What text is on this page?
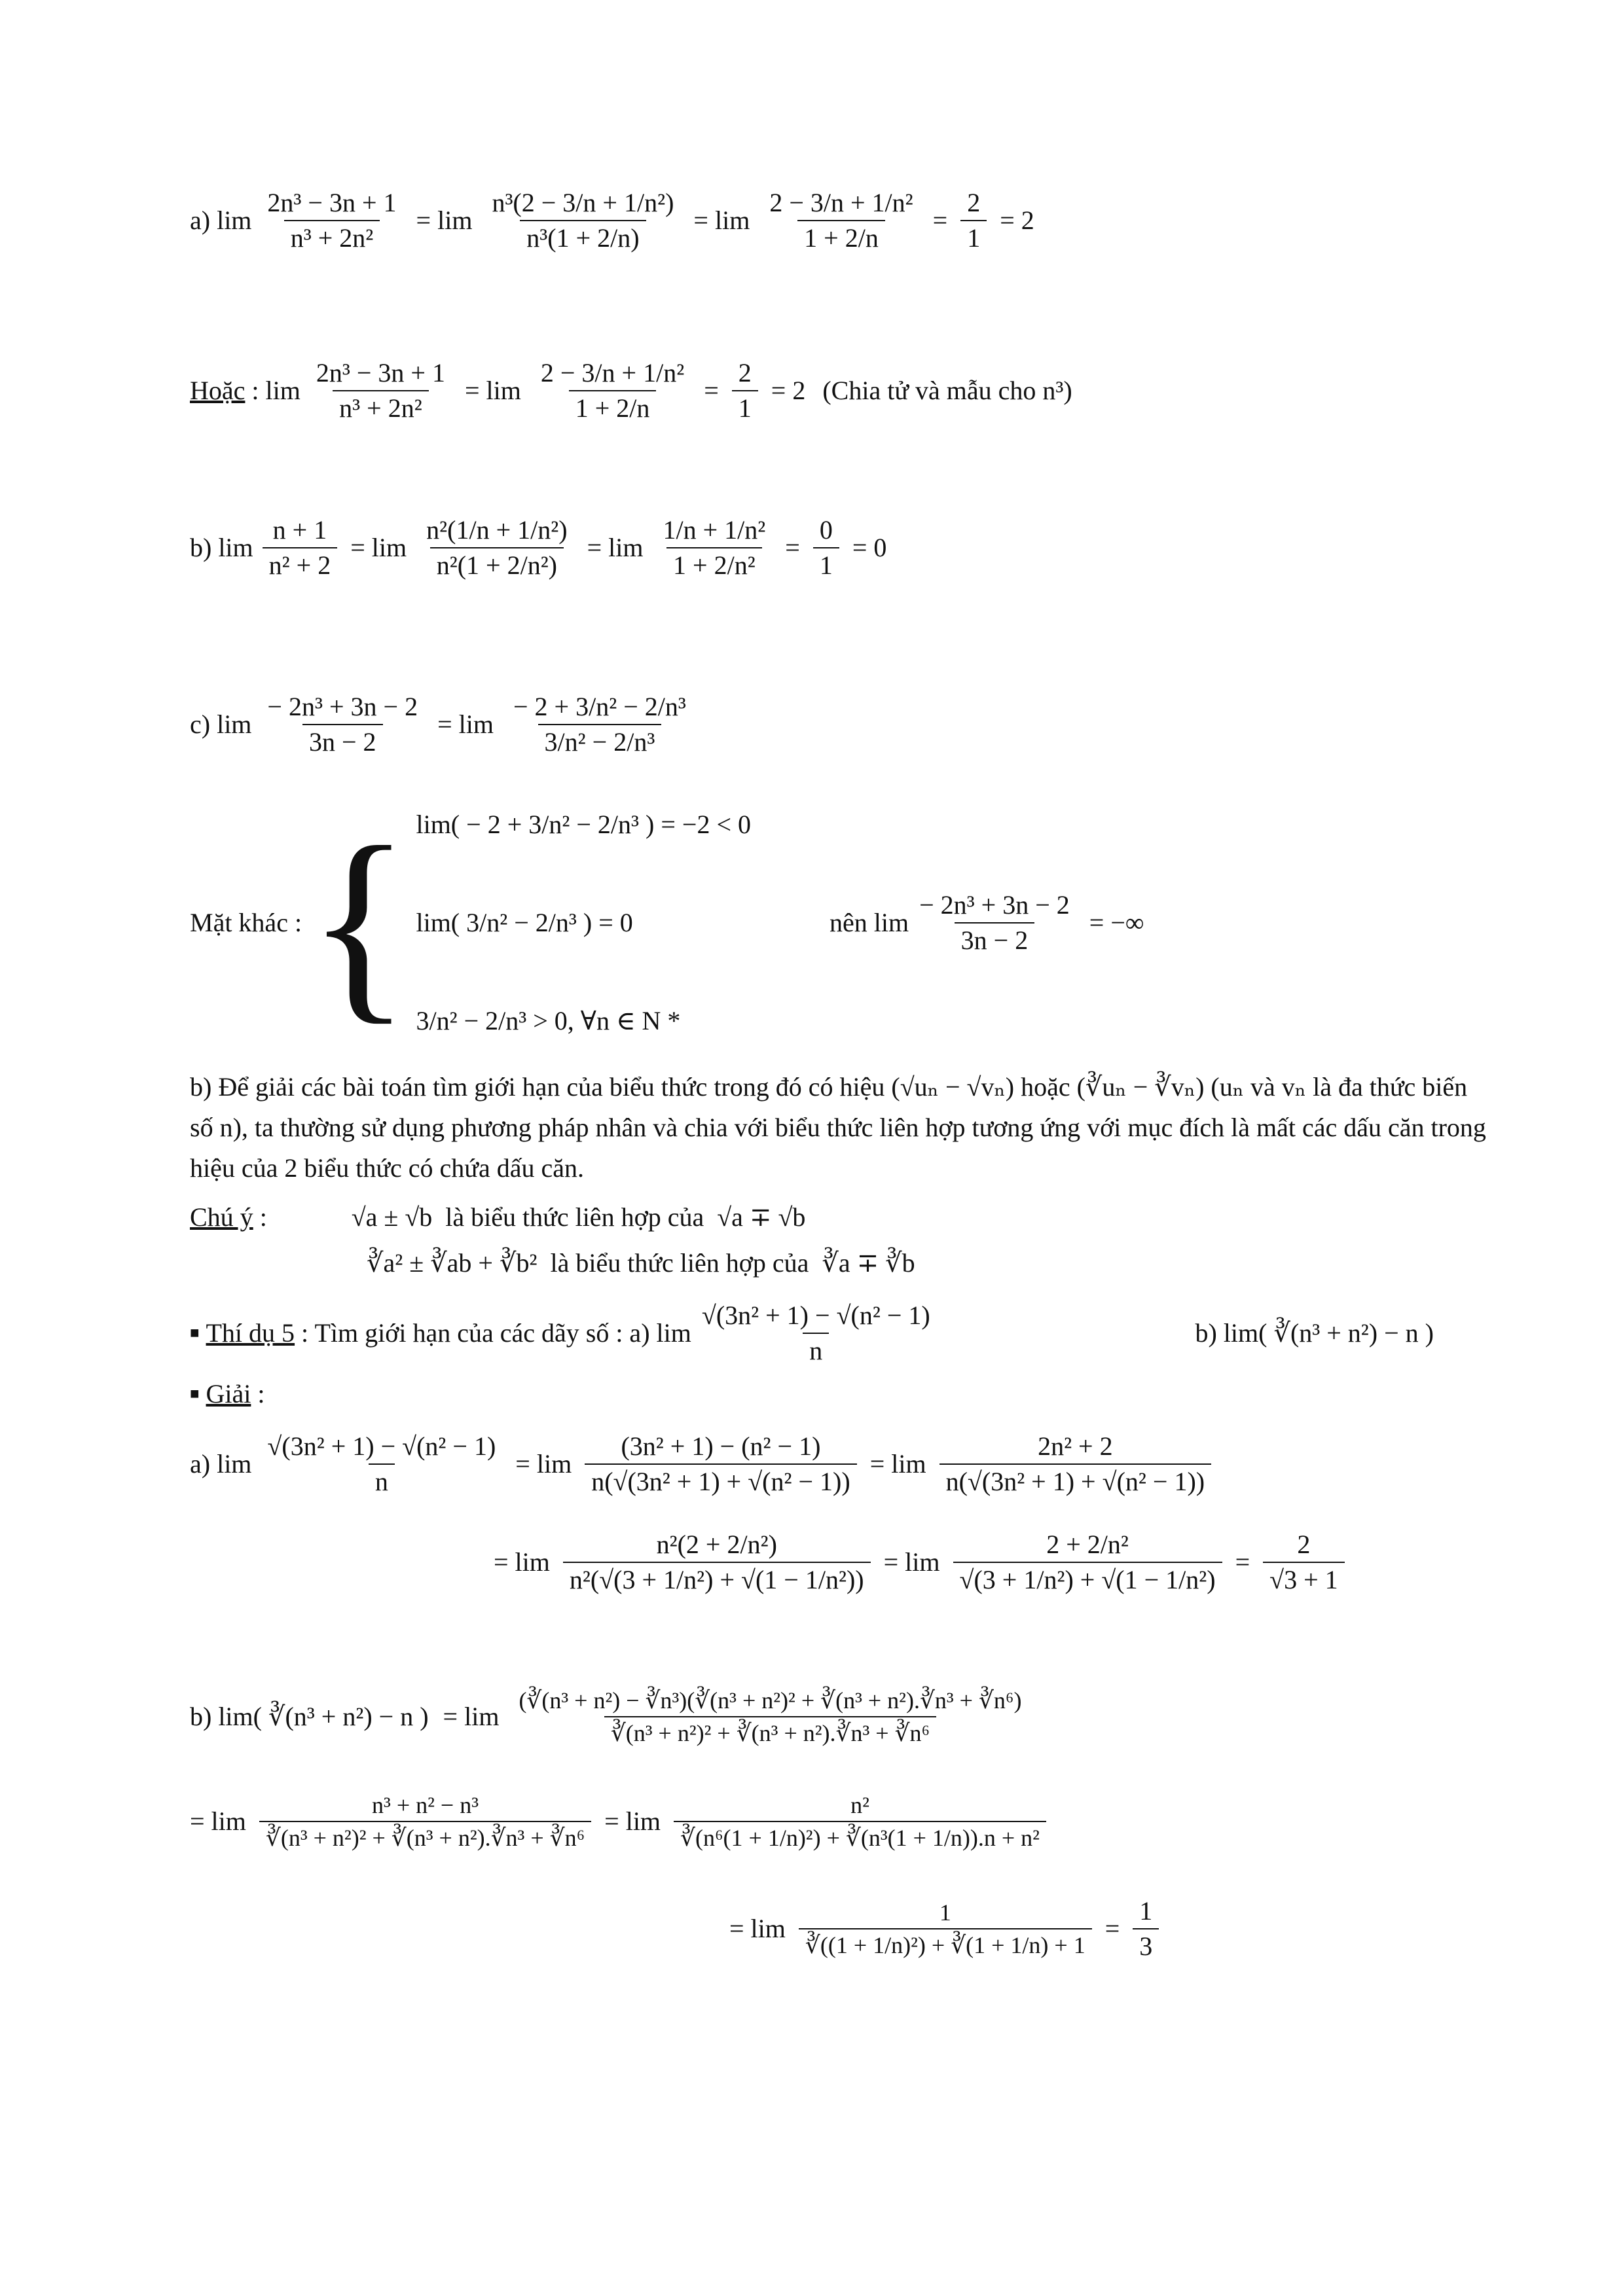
a) $\lim \frac{\text{2n³ − 3n + 1}}{\text{n³ + 2n²}} = \lim \frac{\text{n³(2 − 3/n + 1/n²)}}{\text{n³(1 + 2/n)}} = \lim \frac{\text{2 − 3/n + 1/n²}}{1 + 2/n} = \frac{2}{1} = 2$
Hoặc : $\lim \frac{\text{2n³ − 3n + 1}}{\text{n³ + 2n²}} = \lim \frac{\text{2 − 3/n + 1/n²}}{1 + 2/n} = \frac{2}{1} = 2$ (Chia tử và mẫu cho n³)
b) $\lim \frac{n + 1}{\text{n² + 2}} = \lim \frac{\text{n²(1/n + 1/n²)}}{\text{n²(1 + 2/n²)}} = \lim \frac{\text{1/n + 1/n²}}{\text{1 + 2/n²}} = \frac{0}{1} = 0$
c) $\lim \frac{\text{− 2n³ + 3n − 2}}{3n - 2} = \lim \frac{\text{− 2 + 3/n² − 2/n³}}{\text{3/n² − 2/n³}}$
Mặt khác : { lim( − 2 + 3/n² − 2/n³ ) = −2 < 0
lim( 3/n² − 2/n³ ) = 0
3/n² − 2/n³ > 0, ∀n ∈ N *
nên $\lim \frac{\text{− 2n³ + 3n − 2}}{3n - 2}$ = −∞
b) Để giải các bài toán tìm giới hạn của biểu thức trong đó có hiệu (√uₙ − √vₙ) hoặc (∛uₙ − ∛vₙ) (uₙ và vₙ là đa thức biến số n), ta thường sử dụng phương pháp nhân và chia với biểu thức liên hợp tương ứng với mục đích là mất các dấu căn trong hiệu của 2 biểu thức có chứa dấu căn.
Chú ý :	√a ± √b  là biểu thức liên hợp của  √a ∓ √b
∛a² ± ∛ab + ∛b²  là biểu thức liên hợp của  ∛a ∓ ∛b
■ Thí dụ 5 : Tìm giới hạn của các dãy số : a) $\lim \frac{\text{√(3n² + 1) − √(n² − 1)}}{n}$	b) lim( ∛(n³ + n²) − n )
■ Giải :
a) $\lim \frac{\text{√(3n² + 1) − √(n² − 1)}}{n} = \lim \frac{\text{(3n² + 1) − (n² − 1)}}{\text{n(√(3n² + 1) + √(n² − 1))}} = \lim \frac{\text{2n² + 2}}{\text{n(√(3n² + 1) + √(n² − 1))}}$
= $\lim \frac{\text{n²(2 + 2/n²)}}{\text{n²(√(3 + 1/n²) + √(1 − 1/n²))}} = \lim \frac{\text{2 + 2/n²}}{\text{√(3 + 1/n²) + √(1 − 1/n²)}} = \frac{2}{√3 + 1}$
b) lim( ∛(n³ + n²) − n ) = $\lim \frac{\text{(∛(n³ + n²) − ∛n³)(∛(n³ + n²)² + ∛(n³ + n²).∛n³ + ∛n⁶)}}{\text{∛(n³ + n²)² + ∛(n³ + n²).∛n³ + ∛n⁶}}$
= $\lim \frac{\text{n³ + n² − n³}}{\text{∛(n³ + n²)² + ∛(n³ + n²).∛n³ + ∛n⁶}} = \lim \frac{\text{n²}}{\text{∛(n⁶(1 + 1/n)²) + ∛(n³(1 + 1/n)).n + n²}}$
= $\lim \frac{1}{\text{∛((1 + 1/n)²) + ∛(1 + 1/n) + 1}} = \frac{1}{3}$
